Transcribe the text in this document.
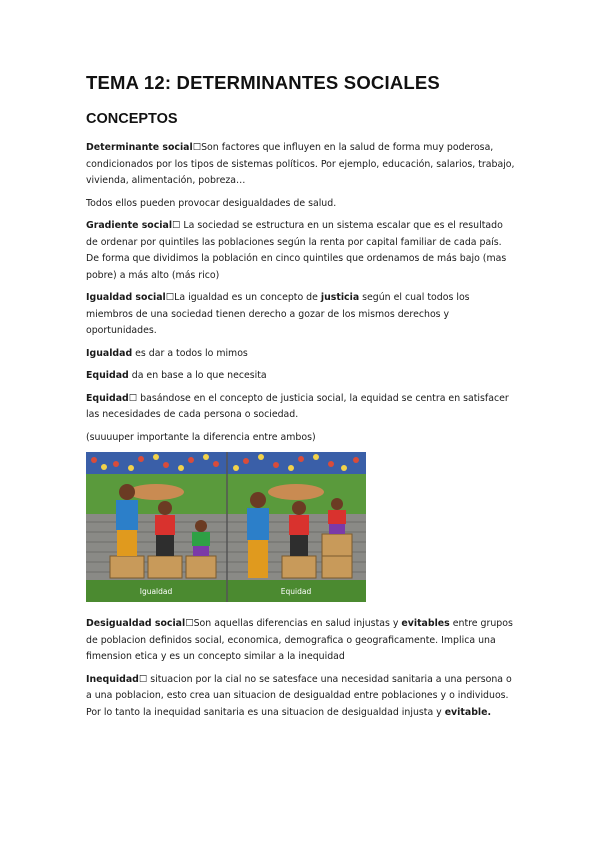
TEMA 12: DETERMINANTES SOCIALES
CONCEPTOS

Determinante social☐Son factores que influyen en la salud de forma muy poderosa, condicionados por los tipos de sistemas políticos. Por ejemplo, educación, salarios, trabajo, vivienda, alimentación, pobreza…

Todos ellos pueden provocar desigualdades de salud.

Gradiente social☐ La sociedad se estructura en un sistema escalar que es el resultado de ordenar por quintiles las poblaciones según la renta por capital familiar de cada país. De forma que dividimos la población en cinco quintiles que ordenamos de más bajo (mas pobre) a más alto (más rico)

Igualdad social☐La igualdad es un concepto de justicia según el cual todos los miembros de una sociedad tienen derecho a gozar de los mismos derechos y oportunidades.

Igualdad es dar a todos lo mimos

Equidad da en base a lo que necesita

Equidad☐ basándose en el concepto de justicia social, la equidad se centra en satisfacer las necesidades de cada persona o sociedad.

(suuuuper importante la diferencia entre ambos)

Igualdad	Equidad

Desigualdad social☐Son aquellas diferencias en salud injustas y evitables entre grupos de poblacion definidos social, economica, demografica o geograficamente. Implica una fimension etica y es un concepto similar a la inequidad

Inequidad☐ situacion por la cial no se satesface una necesidad sanitaria a una persona o a una poblacion, esto crea uan situacion de desigualdad entre poblaciones y o individuos. Por lo tanto la inequidad sanitaria es una situacion de desigualdad injusta y evitable.
